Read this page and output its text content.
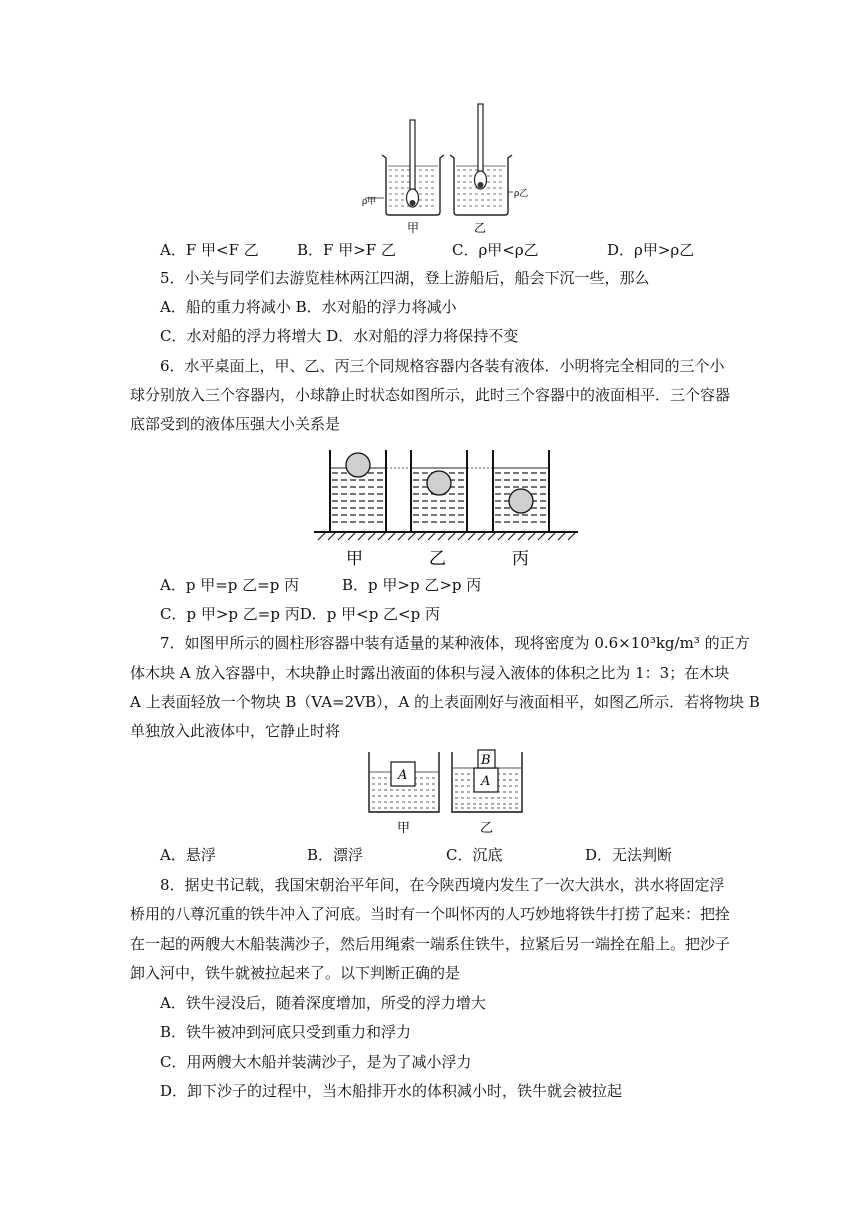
ρ甲
ρ乙
甲	乙
A．F 甲<F 乙	B．F 甲>F 乙	C．ρ甲<ρ乙	D．ρ甲>ρ乙
5．小关与同学们去游览桂林两江四湖，登上游船后，船会下沉一些，那么
A．船的重力将减小 B．水对船的浮力将减小
C．水对船的浮力将增大 D．水对船的浮力将保持不变
6．水平桌面上，甲、乙、丙三个同规格容器内各装有液体．小明将完全相同的三个小
球分别放入三个容器内，小球静止时状态如图所示，此时三个容器中的液面相平．三个容器
底部受到的液体压强大小关系是
甲	乙	丙
A．p 甲=p 乙=p 丙	B．p 甲>p 乙>p 丙
C．p 甲>p 乙=p 丙D．p 甲<p 乙<p 丙
7．如图甲所示的圆柱形容器中装有适量的某种液体，现将密度为 0.6×10³kg/m³ 的正方
体木块 A 放入容器中，木块静止时露出液面的体积与浸入液体的体积之比为 1：3；在木块
A 上表面轻放一个物块 B（VA=2VB），A 的上表面刚好与液面相平，如图乙所示．若将物块 B
单独放入此液体中，它静止时将
A	A
B
甲	乙
A．悬浮	B．漂浮	C．沉底	D．无法判断
8．据史书记载，我国宋朝治平年间，在今陕西境内发生了一次大洪水，洪水将固定浮
桥用的八尊沉重的铁牛冲入了河底。当时有一个叫怀丙的人巧妙地将铁牛打捞了起来：把拴
在一起的两艘大木船装满沙子，然后用绳索一端系住铁牛，拉紧后另一端拴在船上。把沙子
卸入河中，铁牛就被拉起来了。以下判断正确的是
A．铁牛浸没后，随着深度增加，所受的浮力增大
B．铁牛被冲到河底只受到重力和浮力
C．用两艘大木船并装满沙子，是为了减小浮力
D．卸下沙子的过程中，当木船排开水的体积减小时，铁牛就会被拉起
